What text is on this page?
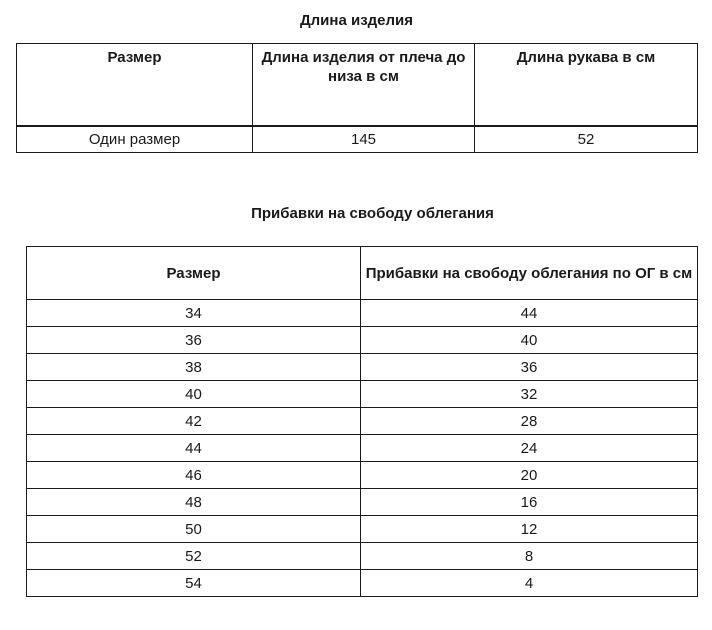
Длина изделия
Размер	Длина изделия от плеча до низа в см	Длина рукава в см
Один размер	145	52
Прибавки на свободу облегания
Размер	Прибавки на свободу облегания по ОГ в см
34	44
36	40
38	36
40	32
42	28
44	24
46	20
48	16
50	12
52	8
54	4
